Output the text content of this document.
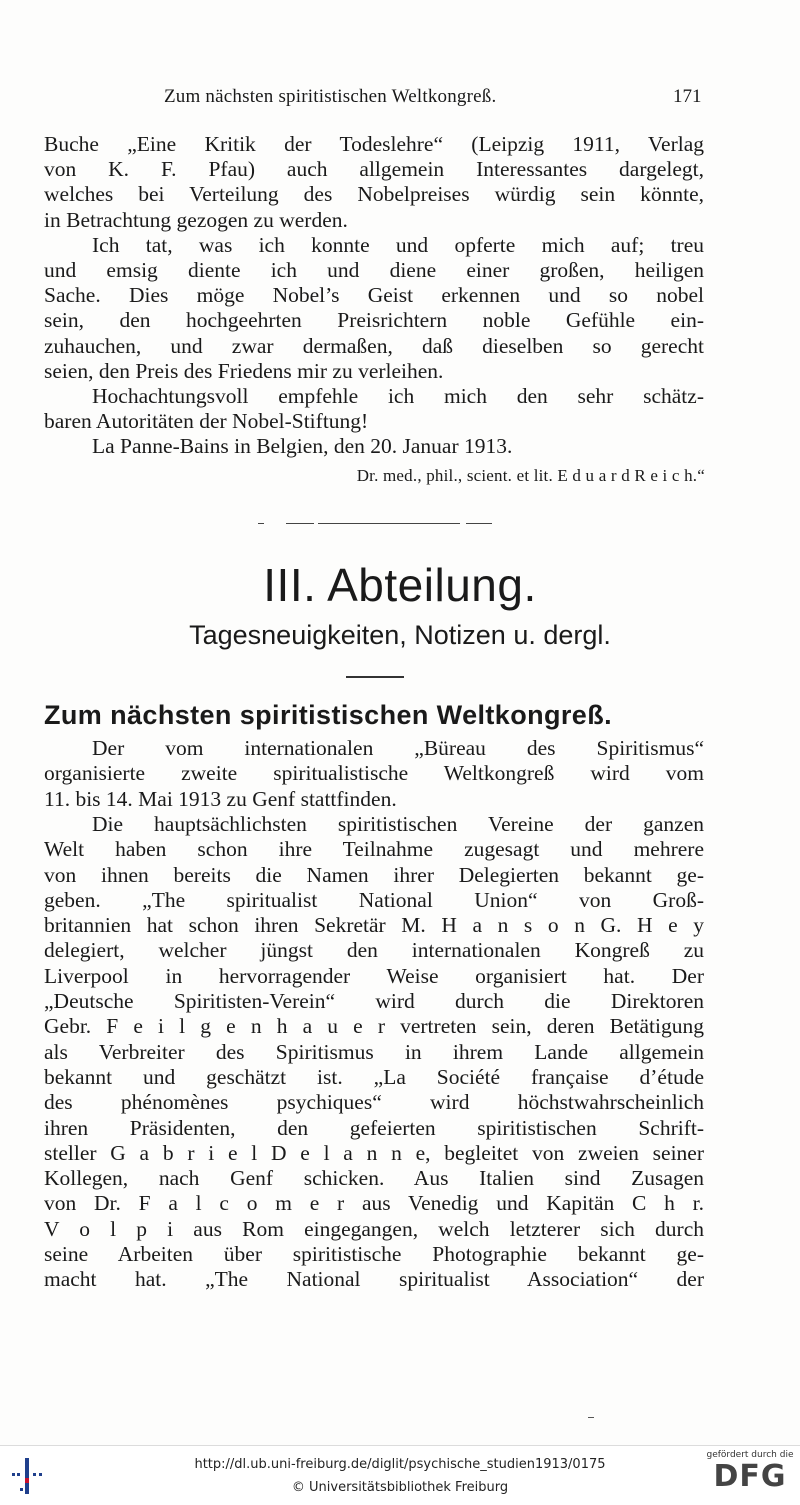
Zum nächsten spiritistischen Weltkongreß.	171
Buche „Eine Kritik der Todeslehre“ (Leipzig 1911, Verlag
von K. F. Pfau) auch allgemein Interessantes dargelegt,
welches bei Verteilung des Nobelpreises würdig sein könnte,
in Betrachtung gezogen zu werden.
Ich tat, was ich konnte und opferte mich auf; treu
und emsig diente ich und diene einer großen, heiligen
Sache. Dies möge Nobel’s Geist erkennen und so nobel
sein, den hochgeehrten Preisrichtern noble Gefühle ein-
zuhauchen, und zwar dermaßen, daß dieselben so gerecht
seien, den Preis des Friedens mir zu verleihen.
Hochachtungsvoll empfehle ich mich den sehr schätz-
baren Autoritäten der Nobel-Stiftung!
La Panne-Bains in Belgien, den 20. Januar 1913.
Dr. med., phil., scient. et lit. E d u a r d R e i c h.“
III. Abteilung.
Tagesneuigkeiten, Notizen u. dergl.
Zum nächsten spiritistischen Weltkongreß.
Der vom internationalen „Büreau des Spiritismus“
organisierte zweite spiritualistische Weltkongreß wird vom
11. bis 14. Mai 1913 zu Genf stattfinden.
Die hauptsächlichsten spiritistischen Vereine der ganzen
Welt haben schon ihre Teilnahme zugesagt und mehrere
von ihnen bereits die Namen ihrer Delegierten bekannt ge-
geben. „The spiritualist National Union“ von Groß-
britannien hat schon ihren Sekretär M. H a n s o n G. H e y
delegiert, welcher jüngst den internationalen Kongreß zu
Liverpool in hervorragender Weise organisiert hat. Der
„Deutsche Spiritisten-Verein“ wird durch die Direktoren
Gebr. F e i l g e n h a u e r vertreten sein, deren Betätigung
als Verbreiter des Spiritismus in ihrem Lande allgemein
bekannt und geschätzt ist. „La Société française d’étude
des phénomènes psychiques“ wird höchstwahrscheinlich
ihren Präsidenten, den gefeierten spiritistischen Schrift-
steller G a b r i e l D e l a n n e, begleitet von zweien seiner
Kollegen, nach Genf schicken. Aus Italien sind Zusagen
von Dr. F a l c o m e r aus Venedig und Kapitän C h r.
V o l p i aus Rom eingegangen, welch letzterer sich durch
seine Arbeiten über spiritistische Photographie bekannt ge-
macht hat. „The National spiritualist Association“ der
http://dl.ub.uni-freiburg.de/diglit/psychische_studien1913/0175
© Universitätsbibliothek Freiburg
gefördert durch die
DFG
